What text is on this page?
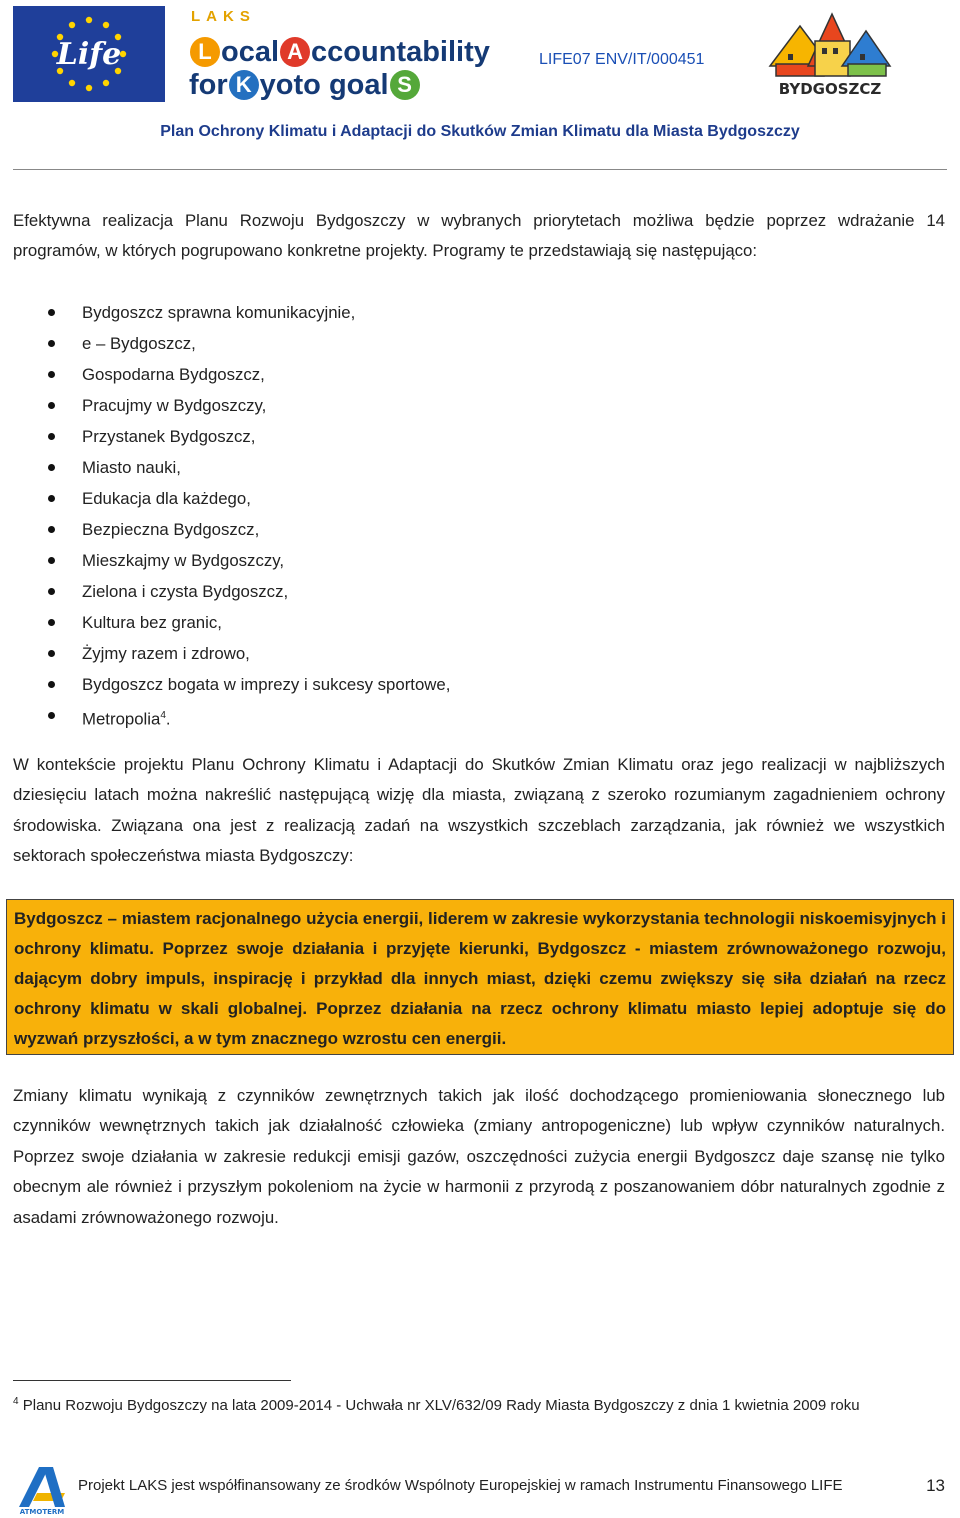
Life
LAKS
L ocal A ccountability
for K yoto goal S
LIFE07 ENV/IT/000451
BYDGOSZCZ
Plan Ochrony Klimatu i Adaptacji do Skutków Zmian Klimatu dla Miasta Bydgoszczy
Efektywna realizacja Planu Rozwoju Bydgoszczy w wybranych priorytetach możliwa będzie poprzez wdrażanie 14 programów, w których pogrupowano konkretne projekty. Programy te przedstawiają się następująco:
Bydgoszcz sprawna komunikacyjnie,
e – Bydgoszcz,
Gospodarna Bydgoszcz,
Pracujmy w Bydgoszczy,
Przystanek Bydgoszcz,
Miasto nauki,
Edukacja dla każdego,
Bezpieczna Bydgoszcz,
Mieszkajmy w Bydgoszczy,
Zielona i czysta Bydgoszcz,
Kultura bez granic,
Żyjmy razem i zdrowo,
Bydgoszcz bogata w imprezy i sukcesy sportowe,
Metropolia$^4$.
W kontekście projektu Planu Ochrony Klimatu i Adaptacji do Skutków Zmian Klimatu oraz jego realizacji w najbliższych dziesięciu latach można nakreślić następującą wizję dla miasta, związaną z szeroko rozumianym zagadnieniem ochrony środowiska. Związana ona jest z realizacją zadań na wszystkich szczeblach zarządzania, jak również we wszystkich sektorach społeczeństwa miasta Bydgoszczy:
Bydgoszcz – miastem racjonalnego użycia energii, liderem w zakresie wykorzystania technologii niskoemisyjnych i ochrony klimatu. Poprzez swoje działania i przyjęte kierunki, Bydgoszcz - miastem zrównoważonego rozwoju, dającym dobry impuls, inspirację i przykład dla innych miast, dzięki czemu zwiększy się siła działań na rzecz ochrony klimatu w skali globalnej. Poprzez działania na rzecz ochrony klimatu miasto lepiej adoptuje się do wyzwań przyszłości, a w tym znacznego wzrostu cen energii.
Zmiany klimatu wynikają z czynników zewnętrznych takich jak ilość dochodzącego promieniowania słonecznego lub czynników wewnętrznych takich jak działalność człowieka (zmiany antropogeniczne) lub wpływ czynników naturalnych. Poprzez swoje działania w zakresie redukcji emisji gazów, oszczędności zużycia energii Bydgoszcz daje szansę nie tylko obecnym ale również i przyszłym pokoleniom na życie w harmonii z przyrodą z poszanowaniem dóbr naturalnych zgodnie z asadami zrównoważonego rozwoju.
$^4$ Planu Rozwoju Bydgoszczy na lata 2009-2014 - Uchwała nr XLV/632/09 Rady Miasta Bydgoszczy z dnia 1 kwietnia 2009 roku
ATMOTERM
Projekt LAKS jest współfinansowany ze środków Wspólnoty Europejskiej w ramach Instrumentu Finansowego LIFE	13
